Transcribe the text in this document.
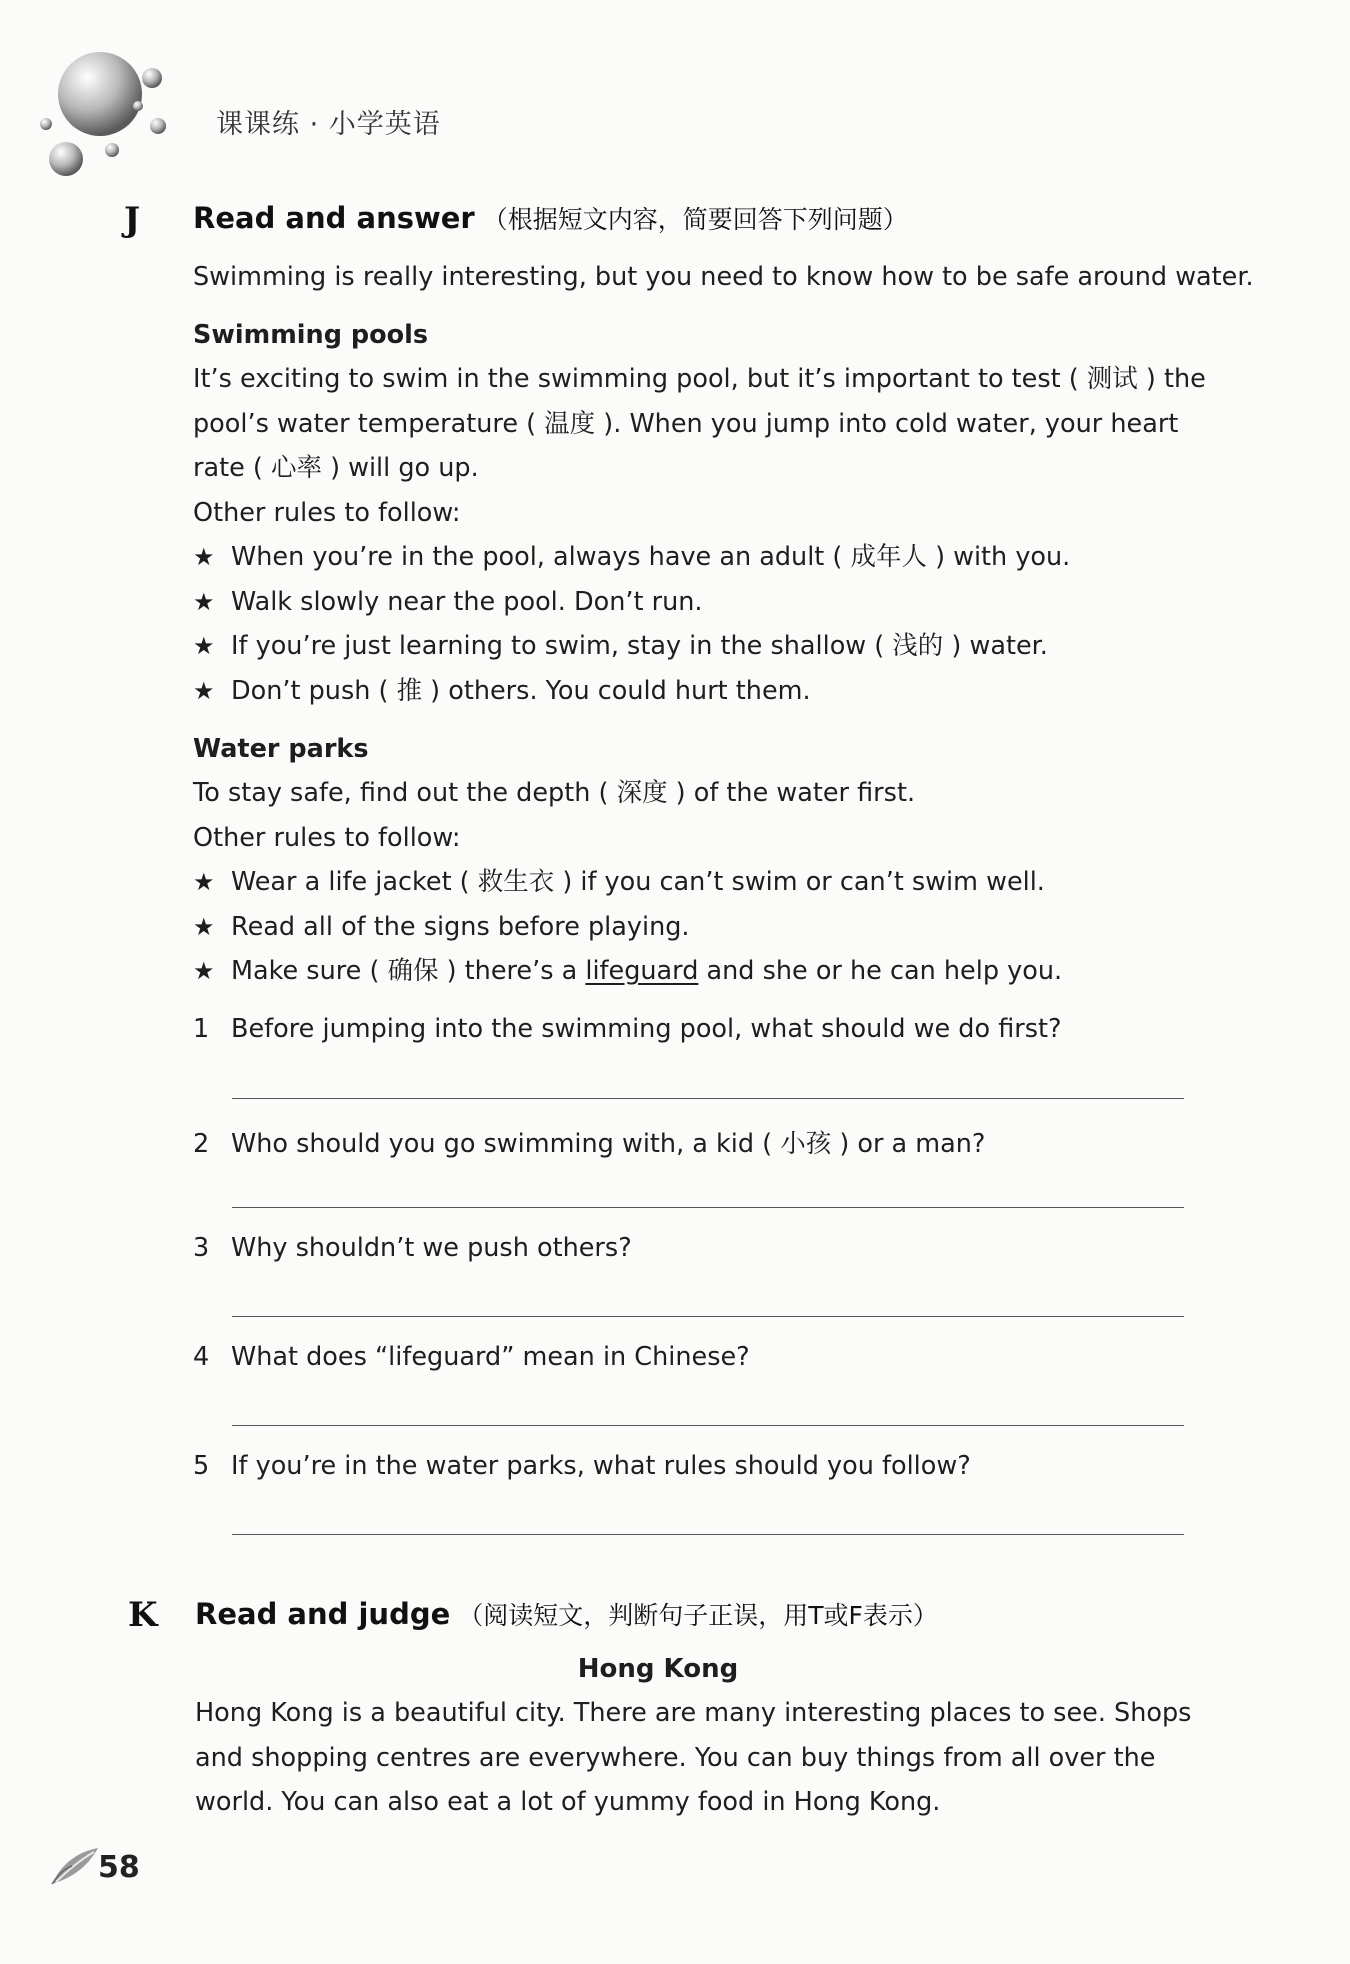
课课练 · 小学英语
J Read and answer （根据短文内容，简要回答下列问题）
Swimming is really interesting, but you need to know how to be safe around water.
Swimming pools
It’s exciting to swim in the swimming pool, but it’s important to test ( 测试 ) the
pool’s water temperature ( 温度 ). When you jump into cold water, your heart
rate ( 心率 ) will go up.
Other rules to follow:
★ When you’re in the pool, always have an adult ( 成年人 ) with you.
★ Walk slowly near the pool. Don’t run.
★ If you’re just learning to swim, stay in the shallow ( 浅的 ) water.
★ Don’t push ( 推 ) others. You could hurt them.
Water parks
To stay safe, find out the depth ( 深度 ) of the water first.
Other rules to follow:
★ Wear a life jacket ( 救生衣 ) if you can’t swim or can’t swim well.
★ Read all of the signs before playing.
★ Make sure ( 确保 ) there’s a lifeguard and she or he can help you.
1 Before jumping into the swimming pool, what should we do first?
2 Who should you go swimming with, a kid ( 小孩 ) or a man?
3 Why shouldn’t we push others?
4 What does “lifeguard” mean in Chinese?
5 If you’re in the water parks, what rules should you follow?
K Read and judge （阅读短文，判断句子正误，用T或F表示）
Hong Kong
Hong Kong is a beautiful city. There are many interesting places to see. Shops
and shopping centres are everywhere. You can buy things from all over the
world. You can also eat a lot of yummy food in Hong Kong.
58
